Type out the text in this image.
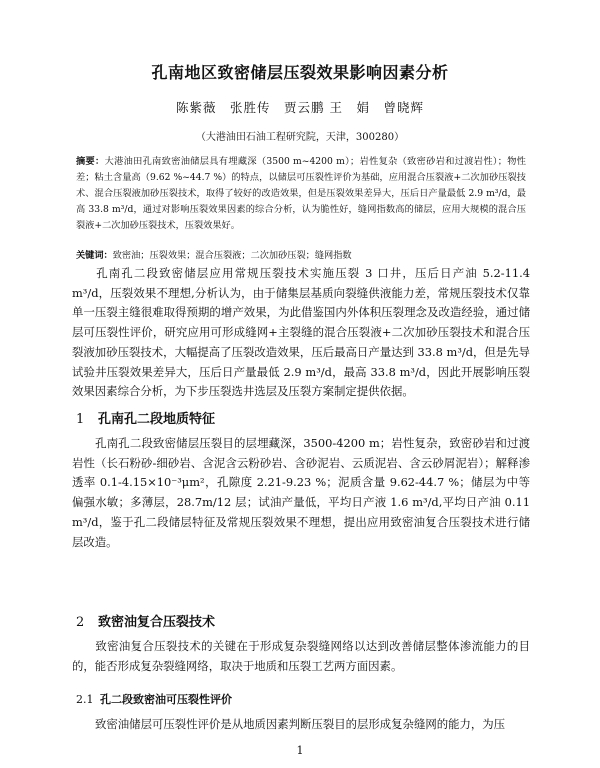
孔南地区致密储层压裂效果影响因素分析
陈紫薇　张胜传　贾云鹏 王　娟　曾晓辉
（大港油田石油工程研究院，天津，300280）
摘要：大港油田孔南致密油储层具有埋藏深（3500 m~4200 m）；岩性复杂（致密砂岩和过渡岩性）；物性差；粘土含量高（9.62 %~44.7 %）的特点，以储层可压裂性评价为基础，应用混合压裂液+二次加砂压裂技术、混合压裂液加砂压裂技术，取得了较好的改造效果，但是压裂效果差异大，压后日产量最低 2.9 m³/d，最高 33.8 m³/d，通过对影响压裂效果因素的综合分析，认为脆性好，缝网指数高的储层，应用大规模的混合压裂液+二次加砂压裂技术，压裂效果好。
关键词：致密油；压裂效果；混合压裂液；二次加砂压裂；缝网指数
孔南孔二段致密储层应用常规压裂技术实施压裂 3 口井，压后日产油 5.2-11.4 m³/d，压裂效果不理想,分析认为，由于储集层基质向裂缝供液能力差，常规压裂技术仅靠单一压裂主缝很难取得预期的增产效果，为此借鉴国内外体积压裂理念及改造经验，通过储层可压裂性评价，研究应用可形成缝网+主裂缝的混合压裂液+二次加砂压裂技术和混合压裂液加砂压裂技术，大幅提高了压裂改造效果，压后最高日产量达到 33.8 m³/d，但是先导试验井压裂效果差异大，压后日产量最低 2.9 m³/d，最高 33.8 m³/d，因此开展影响压裂效果因素综合分析，为下步压裂选井选层及压裂方案制定提供依据。
1 孔南孔二段地质特征
孔南孔二段致密储层压裂目的层埋藏深，3500-4200 m；岩性复杂，致密砂岩和过渡岩性（长石粉砂-细砂岩、含泥含云粉砂岩、含砂泥岩、云质泥岩、含云砂屑泥岩）；解释渗透率 0.1-4.15×10⁻³μm²，孔隙度 2.21-9.23 %；泥质含量 9.62-44.7 %；储层为中等偏强水敏；多薄层，28.7m/12 层；试油产量低，平均日产液 1.6 m³/d,平均日产油 0.11 m³/d，鉴于孔二段储层特征及常规压裂效果不理想，提出应用致密油复合压裂技术进行储层改造。
2 致密油复合压裂技术
致密油复合压裂技术的关键在于形成复杂裂缝网络以达到改善储层整体渗流能力的目的，能否形成复杂裂缝网络，取决于地质和压裂工艺两方面因素。
2.1 孔二段致密油可压裂性评价
致密油储层可压裂性评价是从地质因素判断压裂目的层形成复杂缝网的能力，为压
1
